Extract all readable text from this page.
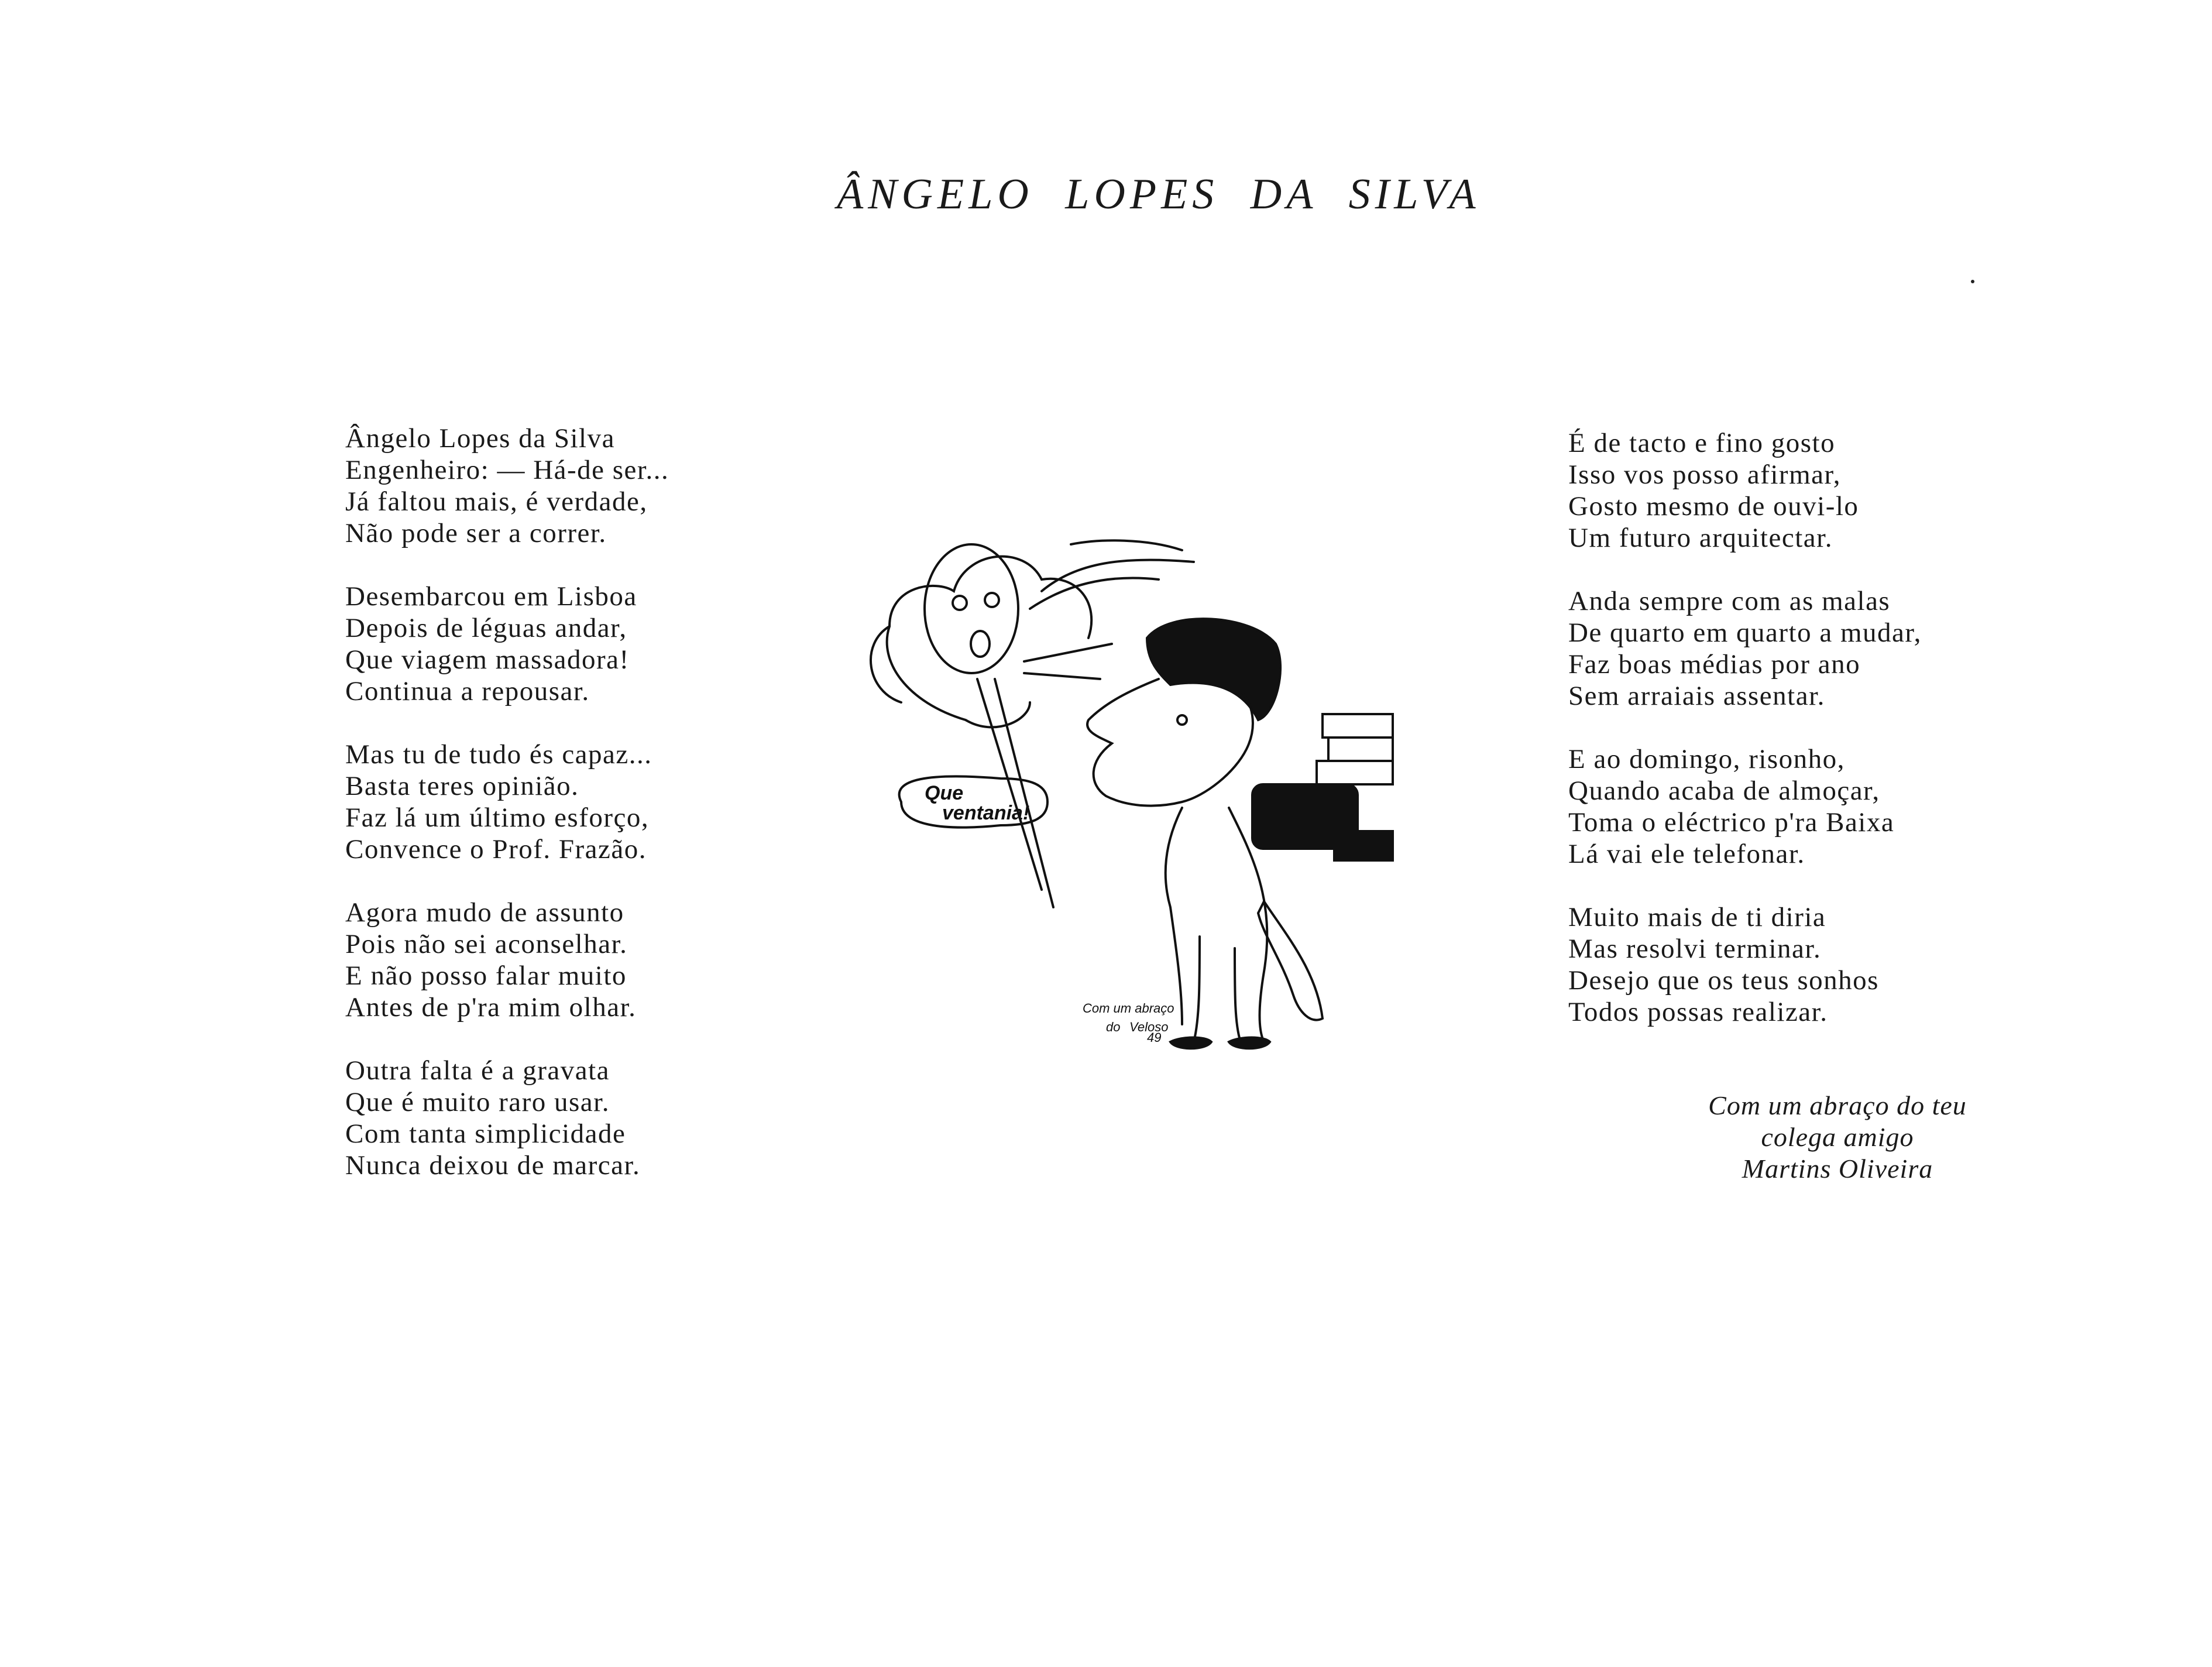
ÂNGELO LOPES DA SILVA
Ângelo Lopes da Silva
Engenheiro: — Há-de ser...
Já faltou mais, é verdade,
Não pode ser a correr.
Desembarcou em Lisboa
Depois de léguas andar,
Que viagem massadora!
Continua a repousar.
Mas tu de tudo és capaz...
Basta teres opinião.
Faz lá um último esforço,
Convence o Prof. Frazão.
Agora mudo de assunto
Pois não sei aconselhar.
E não posso falar muito
Antes de p'ra mim olhar.
Outra falta é a gravata
Que é muito raro usar.
Com tanta simplicidade
Nunca deixou de marcar.
É de tacto e fino gosto
Isso vos posso afirmar,
Gosto mesmo de ouvi-lo
Um futuro arquitectar.
Anda sempre com as malas
De quarto em quarto a mudar,
Faz boas médias por ano
Sem arraiais assentar.
E ao domingo, risonho,
Quando acaba de almoçar,
Toma o eléctrico p'ra Baixa
Lá vai ele telefonar.
Muito mais de ti diria
Mas resolvi terminar.
Desejo que os teus sonhos
Todos possas realizar.
Com um abraço do teu
colega amigo
Martins Oliveira
Que
ventania!
Com um abraço
do Veloso
49
